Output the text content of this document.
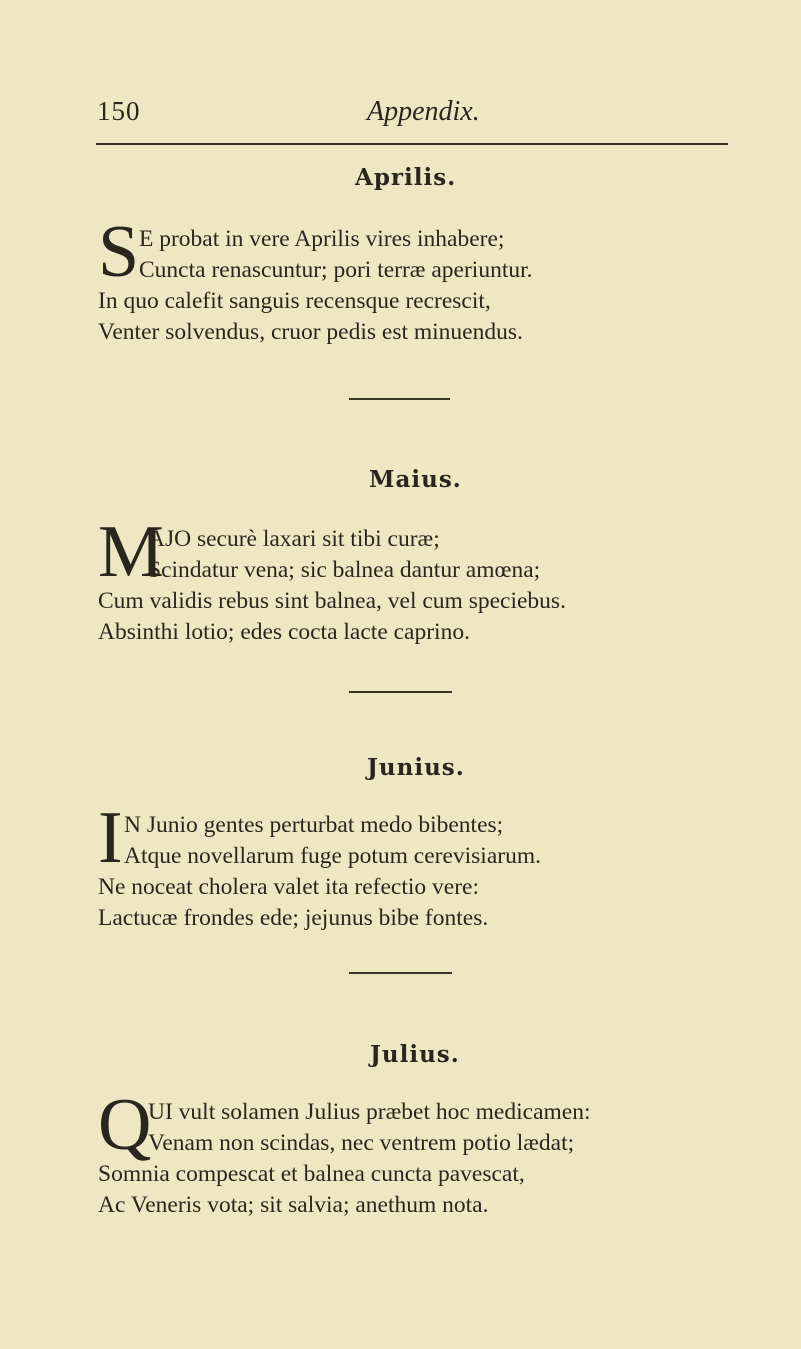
150	Appendix.
Aprilis.
S E probat in vere Aprilis vires inhabere;
Cuncta renascuntur; pori terræ aperiuntur.
In quo calefit sanguis recensque recrescit,
Venter solvendus, cruor pedis est minuendus.
Maius.
M
AJO securè laxari sit tibi curæ;
Scindatur vena; sic balnea dantur amœna;
Cum validis rebus sint balnea, vel cum speciebus.
Absinthi lotio; edes cocta lacte caprino.
Junius.
I N Junio gentes perturbat medo bibentes;
Atque novellarum fuge potum cerevisiarum.
Ne noceat cholera valet ita refectio vere:
Lactucæ frondes ede; jejunus bibe fontes.
Julius.
Q
UI vult solamen Julius præbet hoc medicamen:
Venam non scindas, nec ventrem potio lædat;
Somnia compescat et balnea cuncta pavescat,
Ac Veneris vota; sit salvia; anethum nota.
